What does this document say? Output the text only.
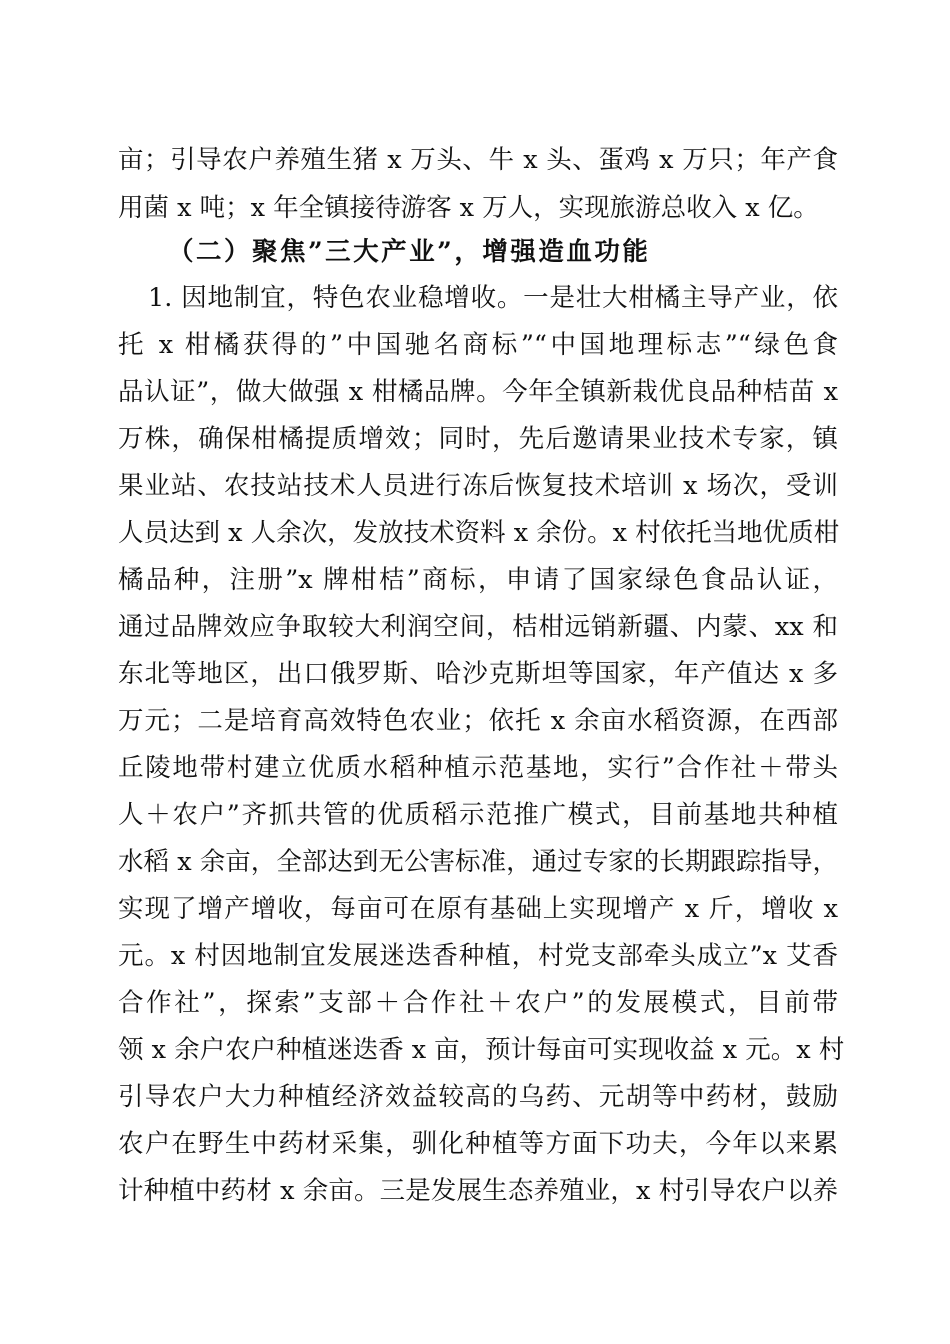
亩；引导农户养殖生猪 x 万头、牛 x 头、蛋鸡 x 万只；年产食
用菌 x 吨；x 年全镇接待游客 x 万人，实现旅游总收入 x 亿。
（二）聚焦”三大产业”，增强造血功能
1. 因地制宜，特色农业稳增收。一是壮大柑橘主导产业，依
托 x 柑橘获得的”中国驰名商标”“中国地理标志”“绿色食
品认证”，做大做强 x 柑橘品牌。今年全镇新栽优良品种桔苗 x
万株，确保柑橘提质增效；同时，先后邀请果业技术专家，镇
果业站、农技站技术人员进行冻后恢复技术培训 x 场次，受训
人员达到 x 人余次，发放技术资料 x 余份。x 村依托当地优质柑
橘品种，注册”x 牌柑桔”商标，申请了国家绿色食品认证，
通过品牌效应争取较大利润空间，桔柑远销新疆、内蒙、xx 和
东北等地区，出口俄罗斯、哈沙克斯坦等国家，年产值达 x 多
万元；二是培育高效特色农业；依托 x 余亩水稻资源，在西部
丘陵地带村建立优质水稻种植示范基地，实行”合作社＋带头
人＋农户”齐抓共管的优质稻示范推广模式，目前基地共种植
水稻 x 余亩，全部达到无公害标准，通过专家的长期跟踪指导，
实现了增产增收，每亩可在原有基础上实现增产 x 斤，增收 x
元。x 村因地制宜发展迷迭香种植，村党支部牵头成立”x 艾香
合作社”，探索”支部＋合作社＋农户”的发展模式，目前带
领 x 余户农户种植迷迭香 x 亩，预计每亩可实现收益 x 元。x 村
引导农户大力种植经济效益较高的乌药、元胡等中药材，鼓励
农户在野生中药材采集，驯化种植等方面下功夫，今年以来累
计种植中药材 x 余亩。三是发展生态养殖业，x 村引导农户以养
